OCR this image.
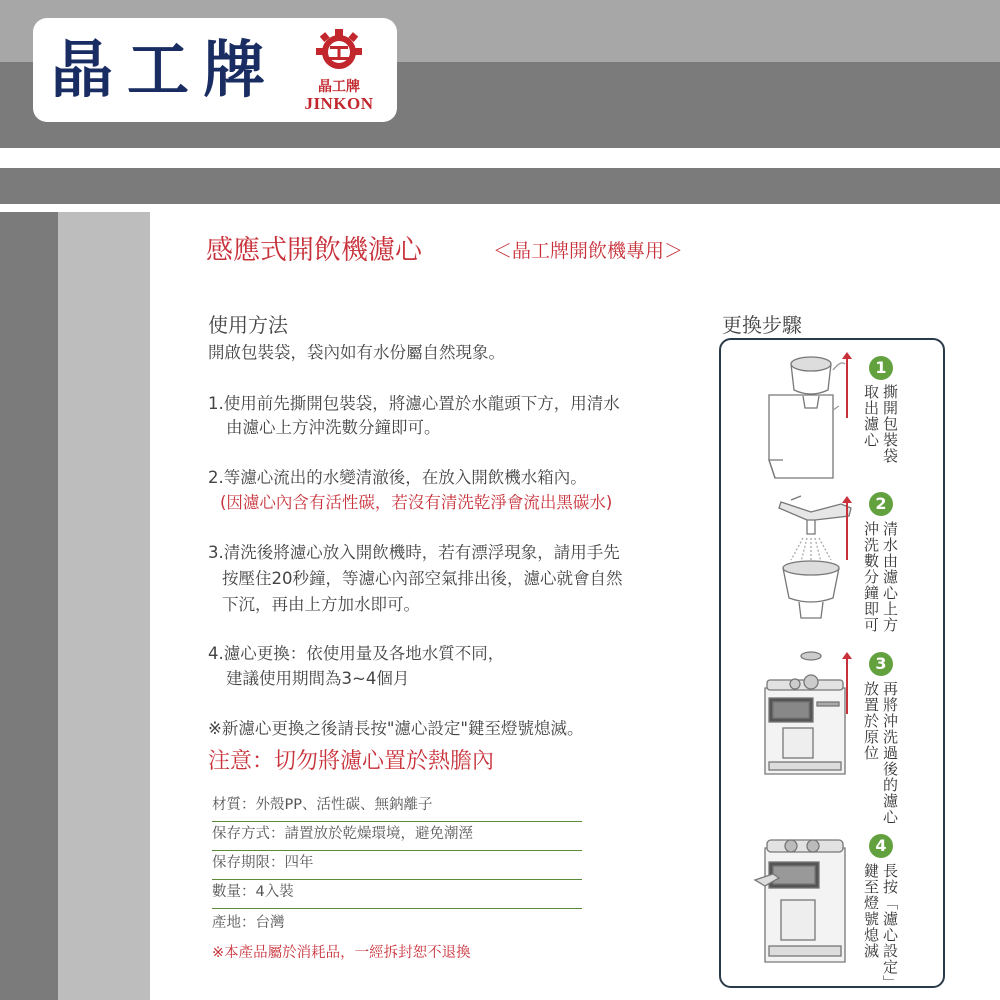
晶工牌	晶工牌
JINKON
感應式開飲機濾心	＜晶工牌開飲機專用＞
使用方法
開啟包裝袋，袋內如有水份屬自然現象。
1.使用前先撕開包裝袋，將濾心置於水龍頭下方，用清水
由濾心上方沖洗數分鐘即可。
2.等濾心流出的水變清澈後，在放入開飲機水箱內。
(因濾心內含有活性碳，若沒有清洗乾淨會流出黑碳水)
3.清洗後將濾心放入開飲機時，若有漂浮現象，請用手先
按壓住20秒鐘，等濾心內部空氣排出後，濾心就會自然
下沉，再由上方加水即可。
4.濾心更換：依使用量及各地水質不同，
建議使用期間為3~4個月
※新濾心更換之後請長按"濾心設定"鍵至燈號熄滅。
注意：切勿將濾心置於熱膽內
材質：外殼PP、活性碳、無鈉離子
保存方式：請置放於乾燥環境，避免潮溼
保存期限：四年
數量：4入裝
產地：台灣
※本產品屬於消耗品，一經拆封恕不退換
更換步驟
1
撕開包裝袋
取出濾心
2
清水由濾心上方
沖洗數分鐘即可
3
再將沖洗過後的濾心
放置於原位
4
長按「濾心設定」
鍵至燈號熄滅
